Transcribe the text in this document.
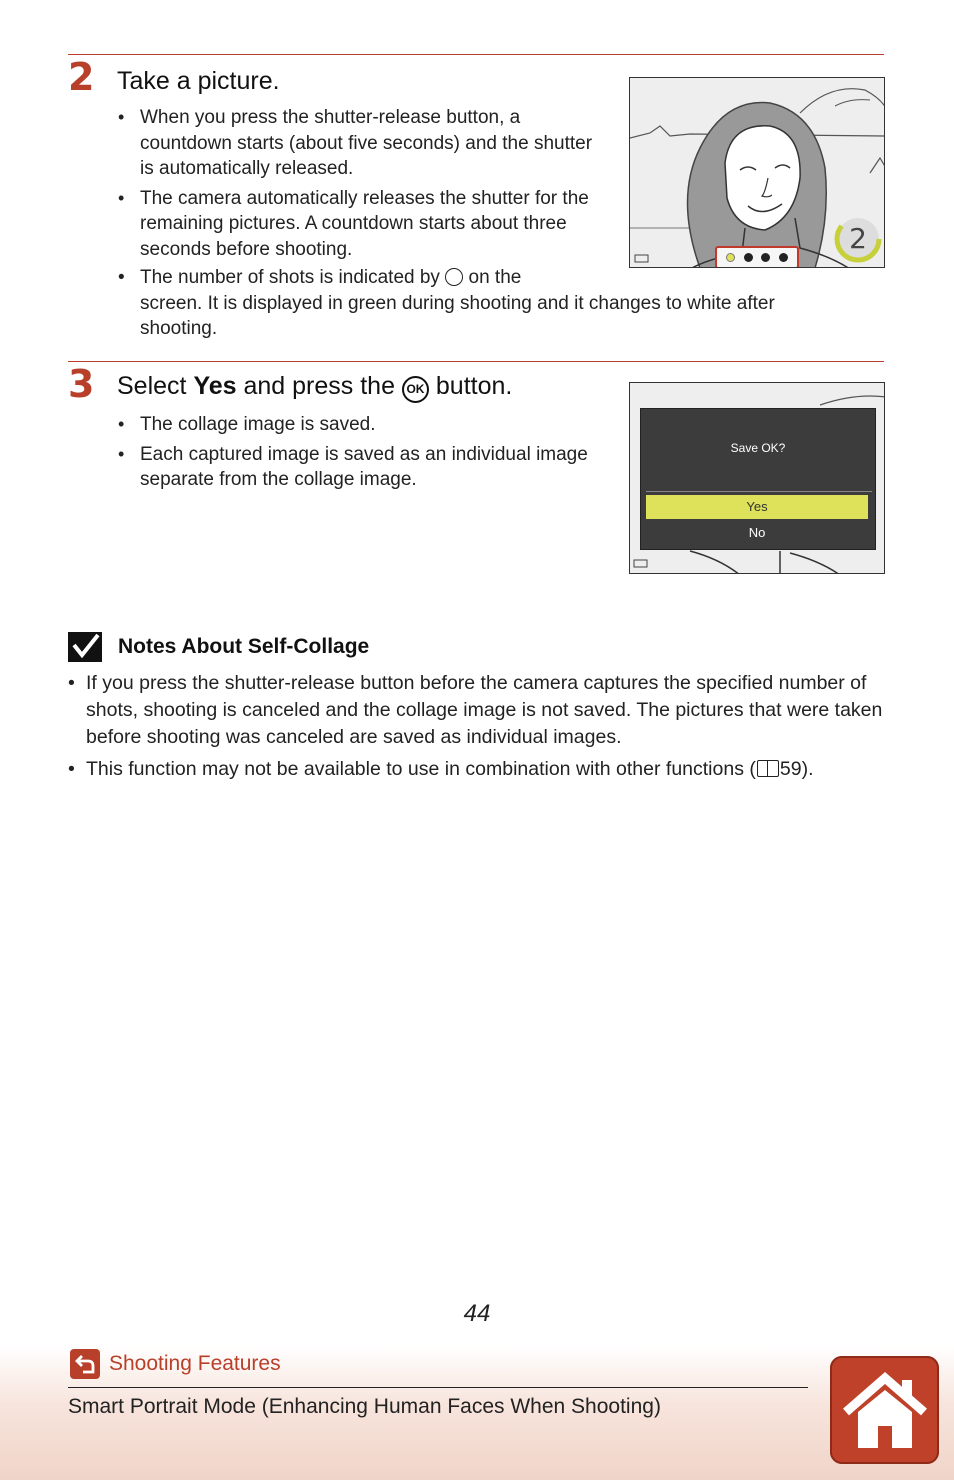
2 Take a picture.
• When you press the shutter-release button, a countdown starts (about five seconds) and the shutter is automatically released.
• The camera automatically releases the shutter for the remaining pictures. A countdown starts about three seconds before shooting.
• The number of shots is indicated by on the
screen. It is displayed in green during shooting and it changes to white after shooting.
2
3 Select Yes and press the OK button.
• The collage image is saved.
• Each captured image is saved as an individual image separate from the collage image.
Save OK?
Yes
No
Notes About Self-Collage
• If you press the shutter-release button before the camera captures the specified number of shots, shooting is canceled and the collage image is not saved. The pictures that were taken before shooting was canceled are saved as individual images.
• This function may not be available to use in combination with other functions ( 59).
44
Shooting Features
Smart Portrait Mode (Enhancing Human Faces When Shooting)
